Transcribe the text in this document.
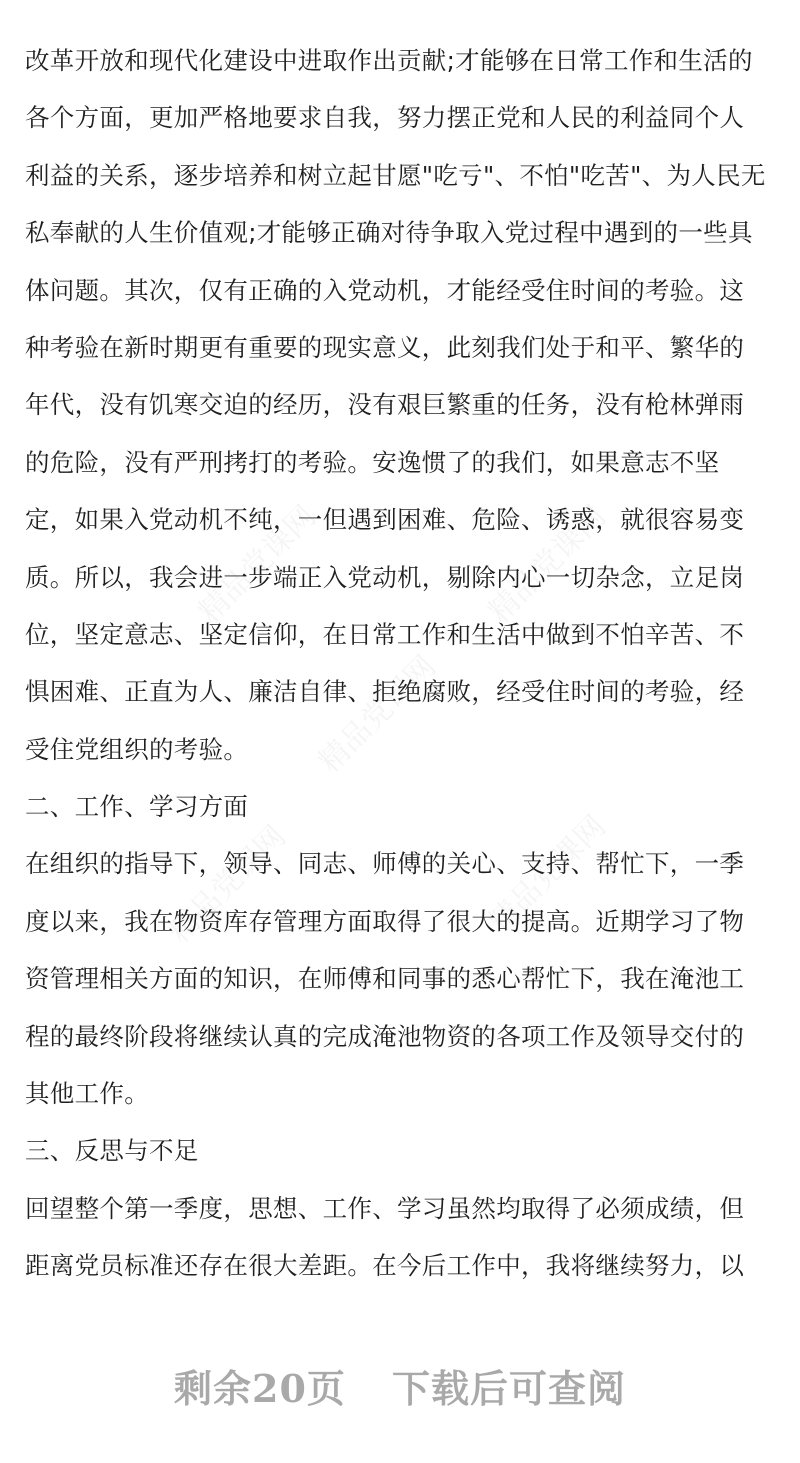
改革开放和现代化建设中进取作出贡献;才能够在日常工作和生活的
各个方面，更加严格地要求自我，努力摆正党和人民的利益同个人
利益的关系，逐步培养和树立起甘愿"吃亏"、不怕"吃苦"、为人民无
私奉献的人生价值观;才能够正确对待争取入党过程中遇到的一些具
体问题。其次，仅有正确的入党动机，才能经受住时间的考验。这
种考验在新时期更有重要的现实意义，此刻我们处于和平、繁华的
年代，没有饥寒交迫的经历，没有艰巨繁重的任务，没有枪林弹雨
的危险，没有严刑拷打的考验。安逸惯了的我们，如果意志不坚
定，如果入党动机不纯，一但遇到困难、危险、诱惑，就很容易变
质。所以，我会进一步端正入党动机，剔除内心一切杂念，立足岗
位，坚定意志、坚定信仰，在日常工作和生活中做到不怕辛苦、不
惧困难、正直为人、廉洁自律、拒绝腐败，经受住时间的考验，经
受住党组织的考验。
二、工作、学习方面
在组织的指导下，领导、同志、师傅的关心、支持、帮忙下，一季
度以来，我在物资库存管理方面取得了很大的提高。近期学习了物
资管理相关方面的知识，在师傅和同事的悉心帮忙下，我在淹池工
程的最终阶段将继续认真的完成淹池物资的各项工作及领导交付的
其他工作。
三、反思与不足
回望整个第一季度，思想、工作、学习虽然均取得了必须成绩，但
距离党员标准还存在很大差距。在今后工作中，我将继续努力，以
剩余20页 下载后可查阅
